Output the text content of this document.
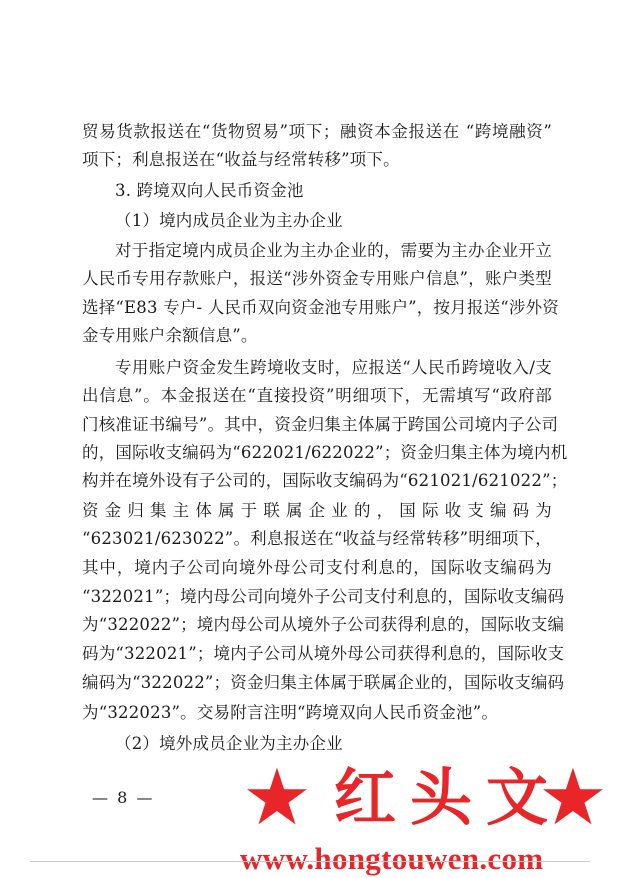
贸易货款报送在“货物贸易”项下；融资本金报送在 “跨境融资”
项下；利息报送在“收益与经常转移”项下。
3. 跨境双向人民币资金池
（1）境内成员企业为主办企业
对于指定境内成员企业为主办企业的，需要为主办企业开立
人民币专用存款账户，报送“涉外资金专用账户信息”，账户类型
选择“E83 专户- 人民币双向资金池专用账户”，按月报送“涉外资
金专用账户余额信息”。
专用账户资金发生跨境收支时，应报送“人民币跨境收入/支
出信息”。本金报送在“直接投资”明细项下，无需填写“政府部
门核准证书编号”。其中，资金归集主体属于跨国公司境内子公司
的，国际收支编码为“622021/622022”；资金归集主体为境内机
构并在境外设有子公司的，国际收支编码为“621021/621022”；
资 金 归 集 主 体 属 于 联 属 企 业 的 ， 国 际 收 支 编 码 为
“623021/623022”。利息报送在“收益与经常转移”明细项下，
其中，境内子公司向境外母公司支付利息的，国际收支编码为
“322021”；境内母公司向境外子公司支付利息的，国际收支编码
为“322022”；境内母公司从境外子公司获得利息的，国际收支编
码为“322021”；境内子公司从境外母公司获得利息的，国际收支
编码为“322022”；资金归集主体属于联属企业的，国际收支编码
为“322023”。交易附言注明“跨境双向人民币资金池”。
（2）境外成员企业为主办企业
— 8 — ★ 红头文
★
www.hongtouwen.com
